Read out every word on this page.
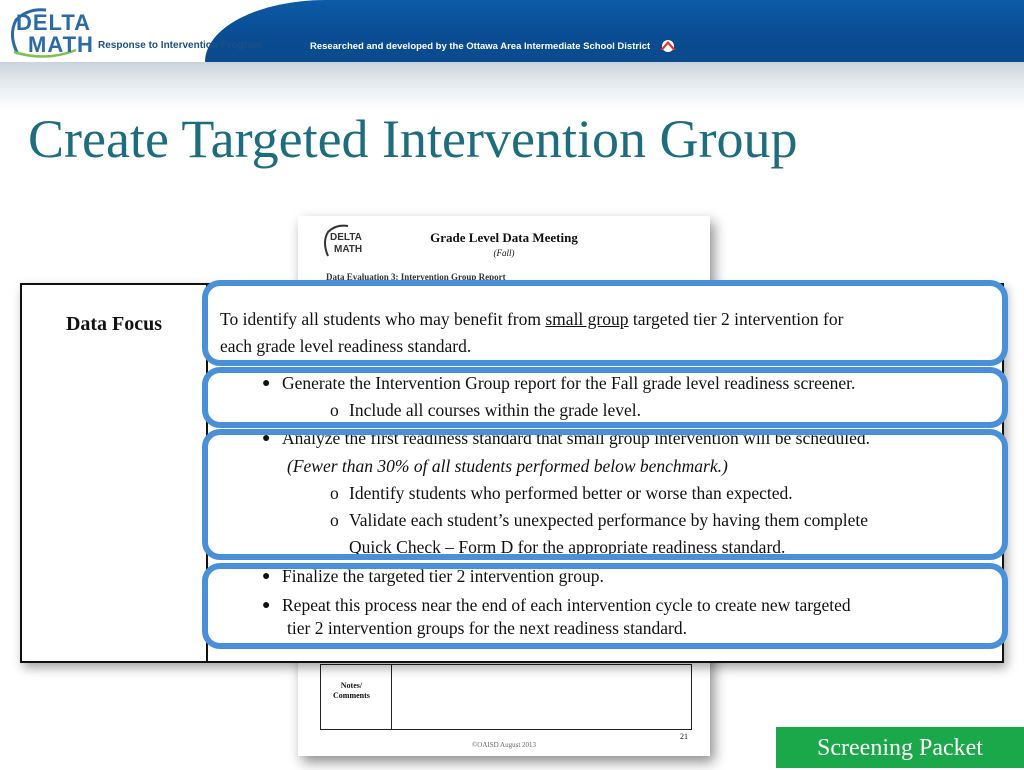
DELTA
MATH Response to Intervention Program	Researched and developed by the Ottawa Area Intermediate School District
Create Targeted Intervention Group
DELTA
MATH
Grade Level Data Meeting
(Fall)
Data Evaluation 3: Intervention Group Report
Notes/
Comments
21
©OAISD August 2013
Data Focus	To identify all students who may benefit from small group targeted tier 2 intervention for
each grade level readiness standard.
● Generate the Intervention Group report for the Fall grade level readiness screener.
o Include all courses within the grade level.
● Analyze the first readiness standard that small group intervention will be scheduled.
(Fewer than 30% of all students performed below benchmark.)
o Identify students who performed better or worse than expected.
o Validate each student’s unexpected performance by having them complete
Quick Check – Form D for the appropriate readiness standard.
● Finalize the targeted tier 2 intervention group.
● Repeat this process near the end of each intervention cycle to create new targeted
tier 2 intervention groups for the next readiness standard.
Screening Packet
